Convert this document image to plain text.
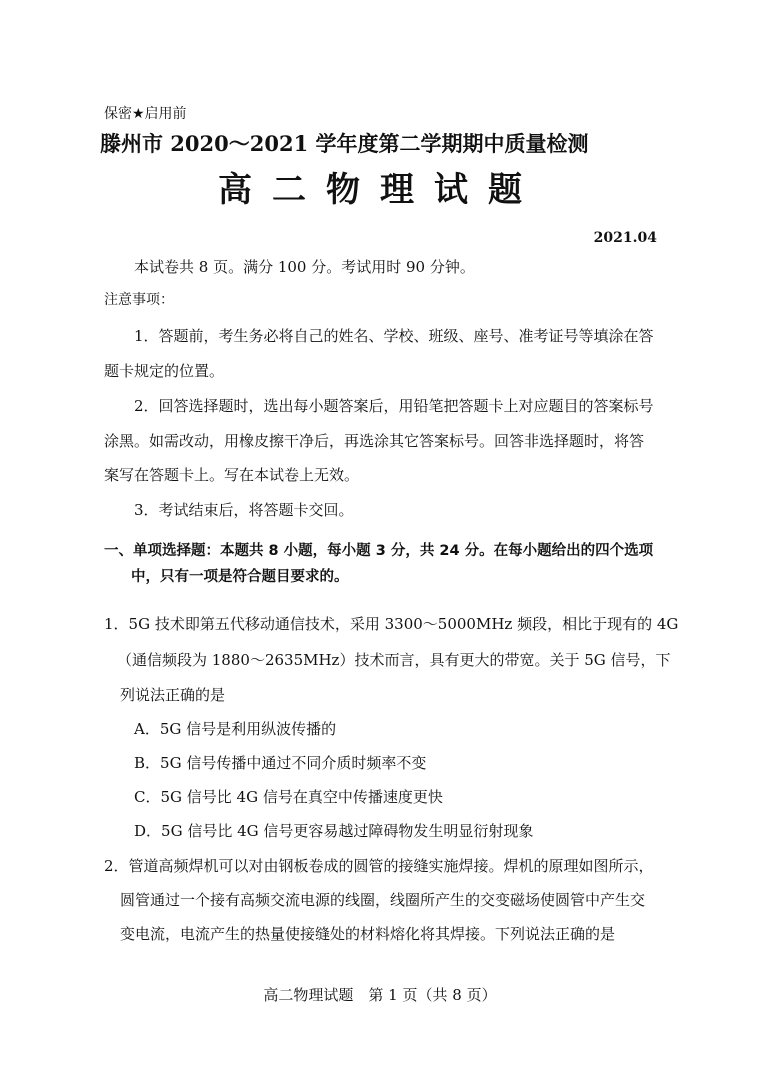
保密★启用前
滕州市 2020～2021 学年度第二学期期中质量检测
高二物理试题
2021.04
本试卷共 8 页。满分 100 分。考试用时 90 分钟。
注意事项：
1．答题前，考生务必将自己的姓名、学校、班级、座号、准考证号等填涂在答
题卡规定的位置。
2．回答选择题时，选出每小题答案后，用铅笔把答题卡上对应题目的答案标号
涂黑。如需改动，用橡皮擦干净后，再选涂其它答案标号。回答非选择题时，将答
案写在答题卡上。写在本试卷上无效。
3．考试结束后，将答题卡交回。
一、单项选择题：本题共 8 小题，每小题 3 分，共 24 分。在每小题给出的四个选项
中，只有一项是符合题目要求的。
1．5G 技术即第五代移动通信技术，采用 3300～5000MHz 频段，相比于现有的 4G
（通信频段为 1880～2635MHz）技术而言，具有更大的带宽。关于 5G 信号，下
列说法正确的是
A．5G 信号是利用纵波传播的
B．5G 信号传播中通过不同介质时频率不变
C．5G 信号比 4G 信号在真空中传播速度更快
D．5G 信号比 4G 信号更容易越过障碍物发生明显衍射现象
2．管道高频焊机可以对由钢板卷成的圆管的接缝实施焊接。焊机的原理如图所示，
圆管通过一个接有高频交流电源的线圈，线圈所产生的交变磁场使圆管中产生交
变电流，电流产生的热量使接缝处的材料熔化将其焊接。下列说法正确的是
高二物理试题　第 1 页（共 8 页）
